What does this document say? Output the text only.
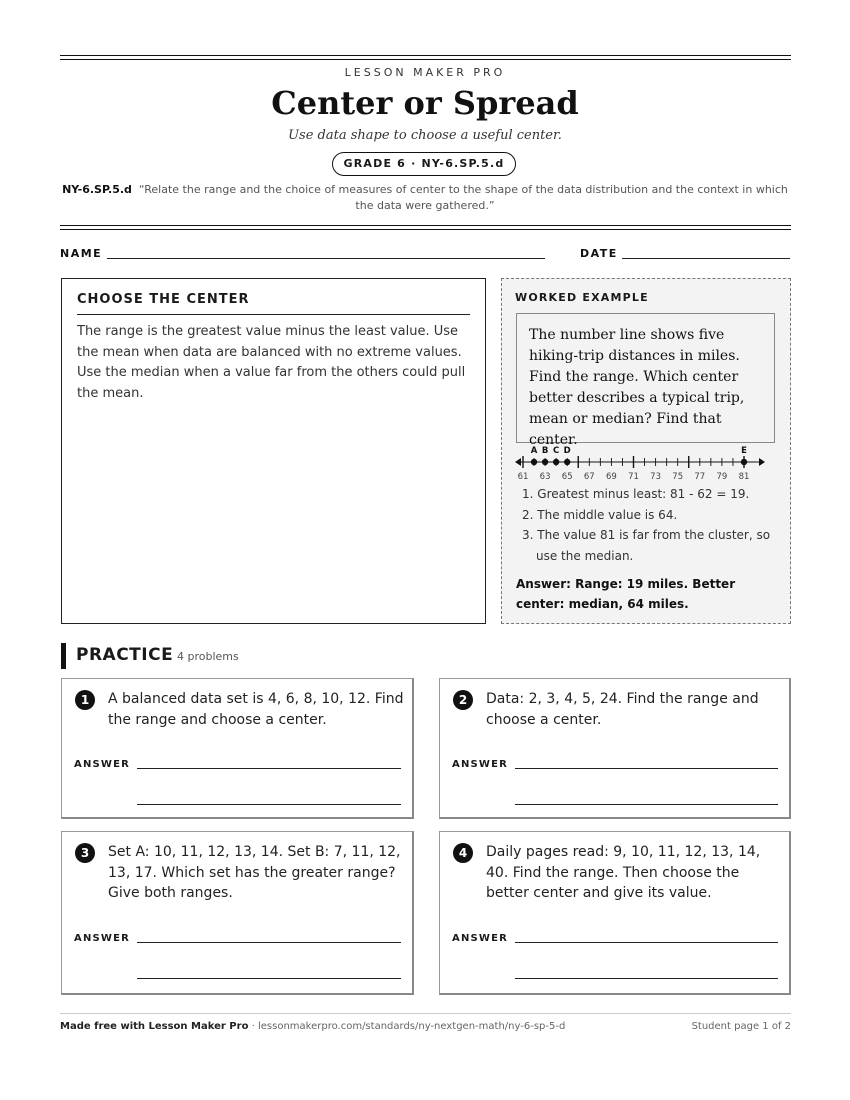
LESSON MAKER PRO
Center or Spread
Use data shape to choose a useful center.
GRADE 6 · NY-6.SP.5.d
NY-6.SP.5.d “Relate the range and the choice of measures of center to the shape of the data distribution and the context in which the data were gathered.”
NAME	DATE
CHOOSE THE CENTER
The range is the greatest value minus the least value. Use the mean when data are balanced with no extreme values. Use the median when a value far from the others could pull the mean.
WORKED EXAMPLE
The number line shows five hiking-trip distances in miles. Find the range. Which center better describes a typical trip, mean or median? Find that center.
61 63 65 67 69 71 73 75 77 79 81
A B C D	E
1. Greatest minus least: 81 - 62 = 19.
2. The middle value is 64.
3. The value 81 is far from the cluster, so use the median.
Answer: Range: 19 miles. Better center: median, 64 miles.
PRACTICE 4 problems
1	A balanced data set is 4, 6, 8, 10, 12. Find the range and choose a center.
ANSWER
2	Data: 2, 3, 4, 5, 24. Find the range and choose a center.
ANSWER
3	Set A: 10, 11, 12, 13, 14. Set B: 7, 11, 12, 13, 17. Which set has the greater range? Give both ranges.
ANSWER
4	Daily pages read: 9, 10, 11, 12, 13, 14, 40. Find the range. Then choose the better center and give its value.
ANSWER
Made free with Lesson Maker Pro · lessonmakerpro.com/standards/ny-nextgen-math/ny-6-sp-5-d	Student page 1 of 2
